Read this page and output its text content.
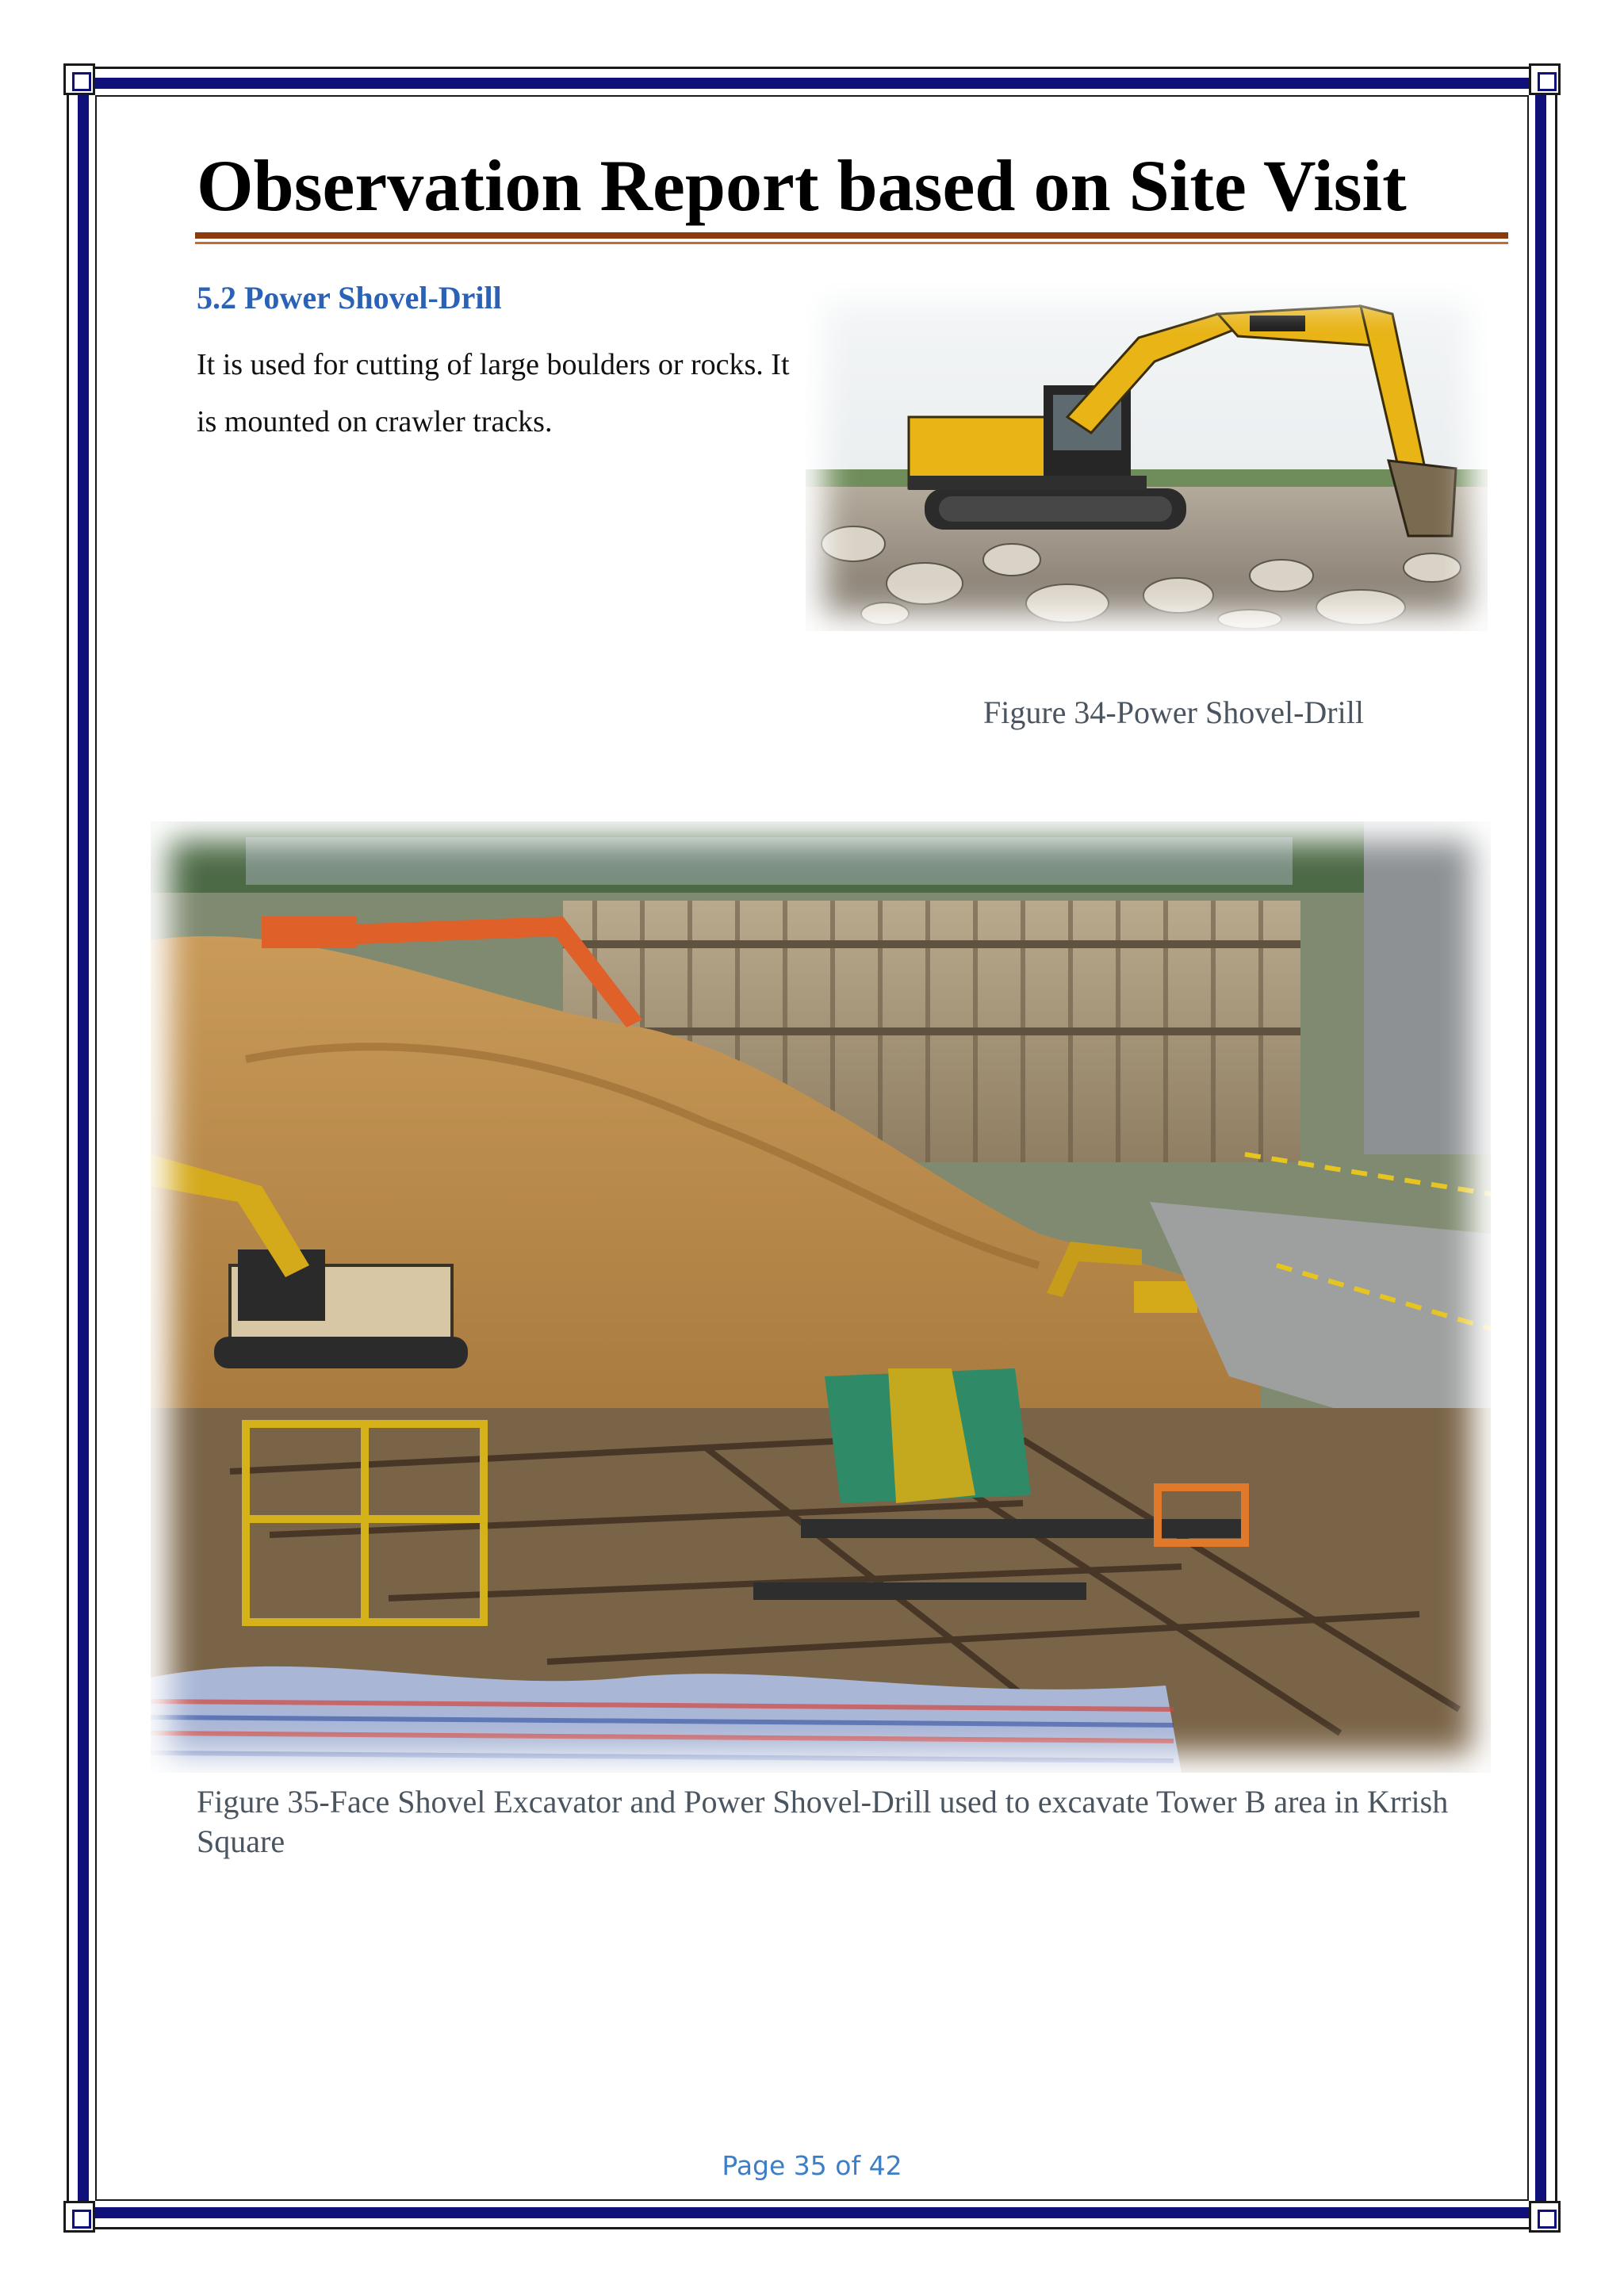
Observation Report based on Site Visit
5.2 Power Shovel-Drill

It is used for cutting of large boulders or rocks. It is mounted on crawler tracks.

Figure 34-Power Shovel-Drill
Figure 35-Face Shovel Excavator and Power Shovel-Drill used to excavate Tower B area in Krrish Square
Page 35 of 42
